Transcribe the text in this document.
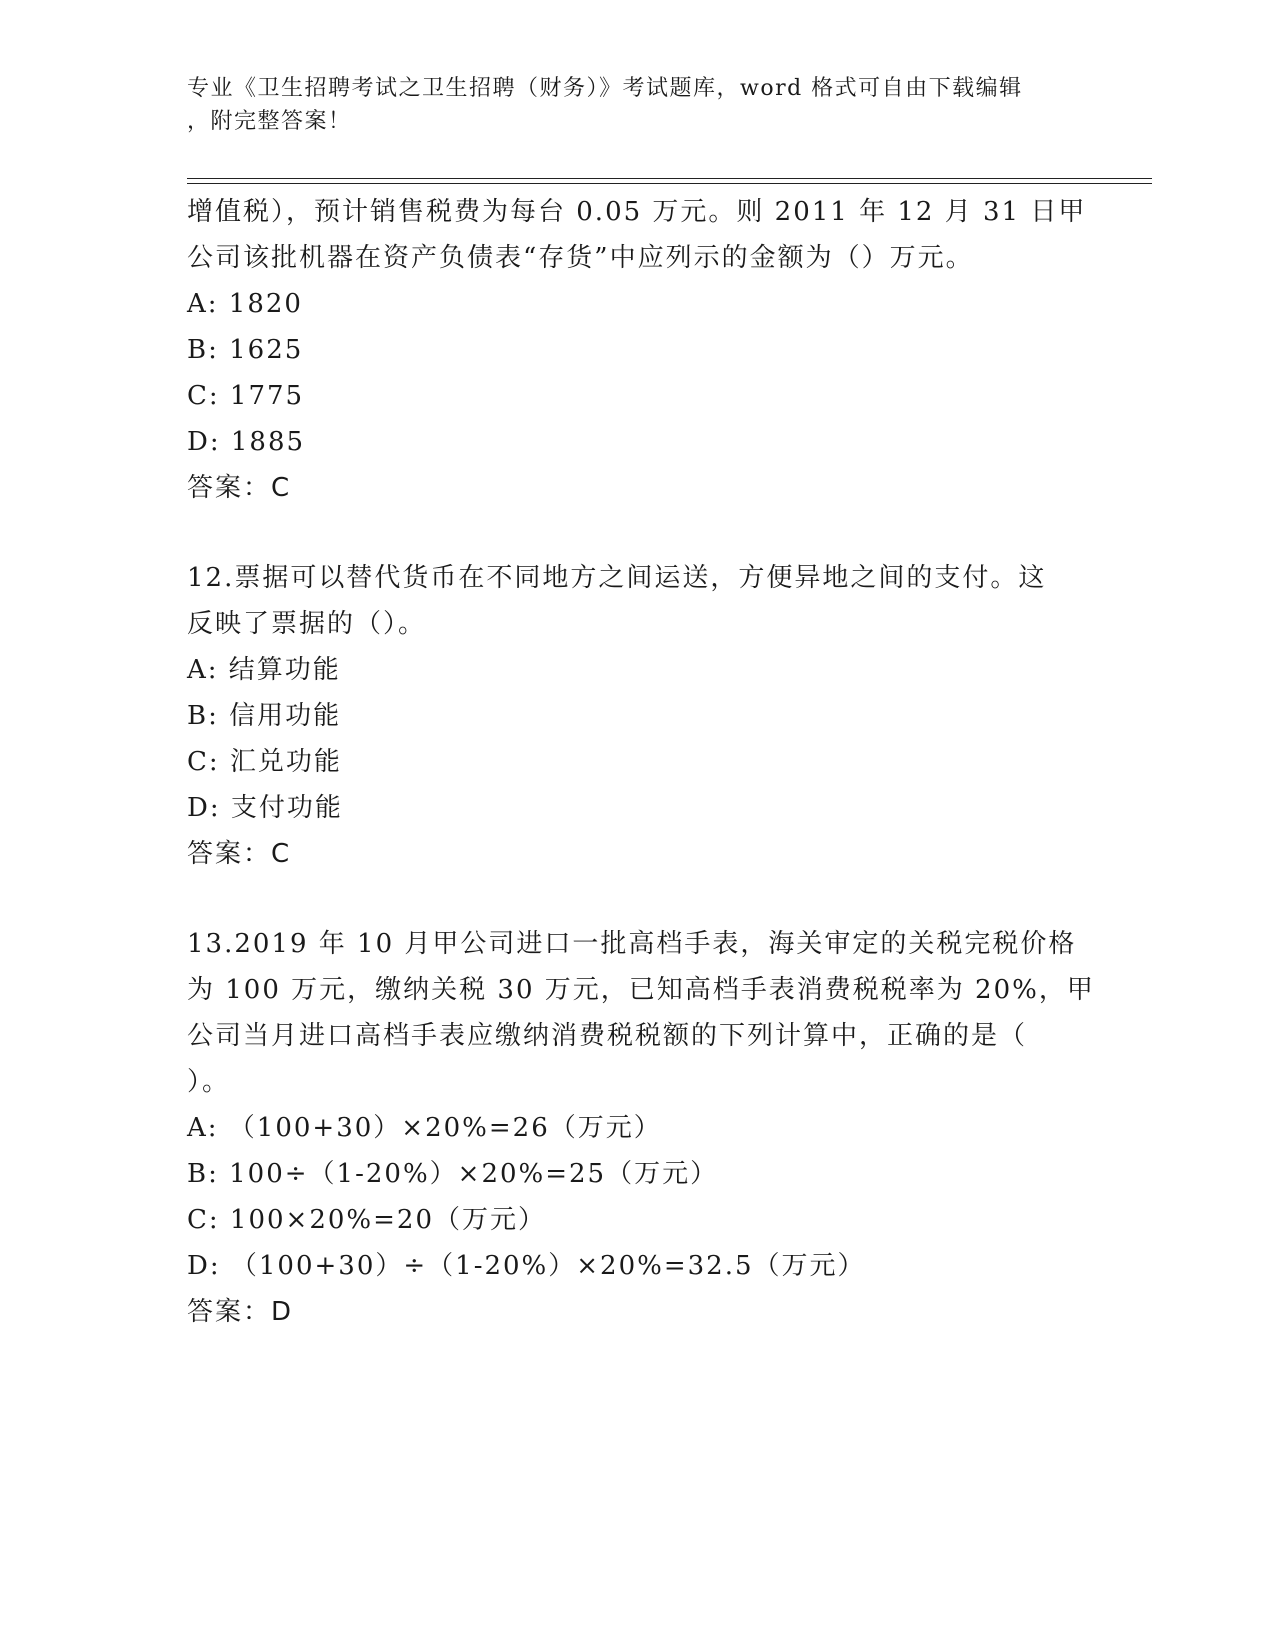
专业《卫生招聘考试之卫生招聘（财务）》考试题库，word 格式可自由下载编辑
，附完整答案！
增值税），预计销售税费为每台 0.05 万元。则 2011 年 12 月 31 日甲
公司该批机器在资产负债表“存货”中应列示的金额为（）万元。
A: 1820
B: 1625
C: 1775
D: 1885
答案：C
12.票据可以替代货币在不同地方之间运送，方便异地之间的支付。这
反映了票据的（）。
A: 结算功能
B: 信用功能
C: 汇兑功能
D: 支付功能
答案：C
13.2019 年 10 月甲公司进口一批高档手表，海关审定的关税完税价格
为 100 万元，缴纳关税 30 万元，已知高档手表消费税税率为 20%，甲
公司当月进口高档手表应缴纳消费税税额的下列计算中，正确的是（
）。
A: （100+30）×20%=26（万元）
B: 100÷（1-20%）×20%=25（万元）
C: 100×20%=20（万元）
D: （100+30）÷（1-20%）×20%=32.5（万元）
答案：D
